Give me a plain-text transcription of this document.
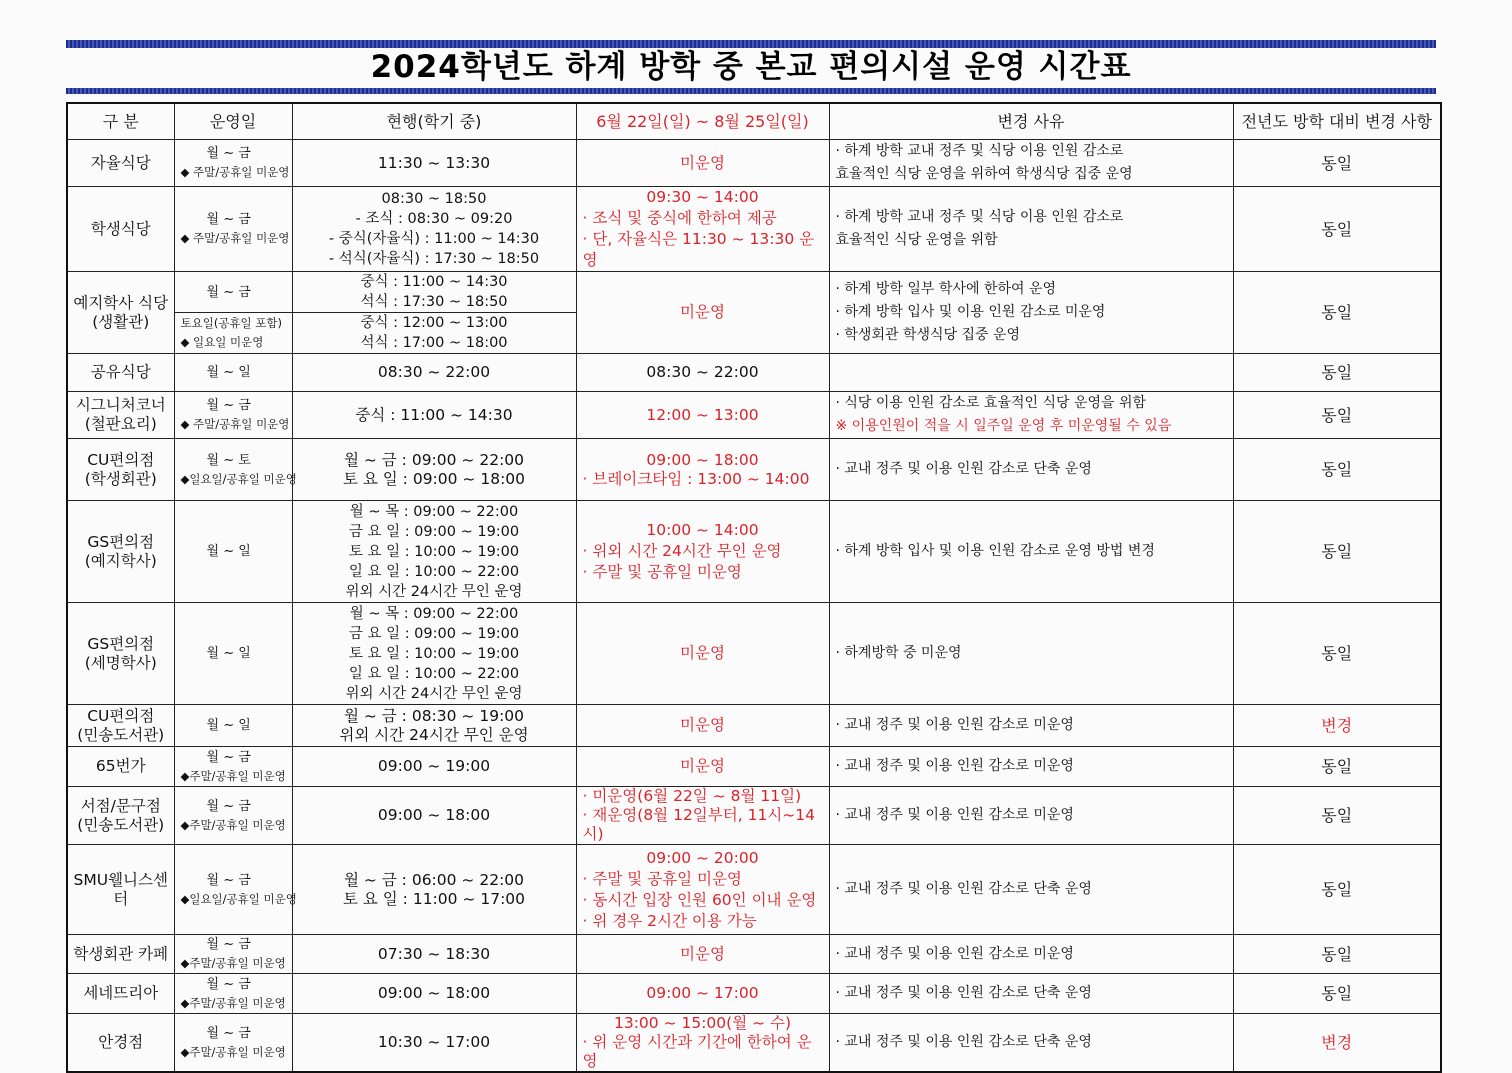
2024학년도 하계 방학 중 본교 편의시설 운영 시간표
구 분	운영일	현행(학기 중)	6월 22일(일) ~ 8월 25일(일)	변경 사유	전년도 방학 대비 변경 사항

자율식당	월 ~ 금
◆ 주말/공휴일 미운영	11:30 ~ 13:30	미운영	· 하계 방학 교내 정주 및 식당 이용 인원 감소로
효율적인 식당 운영을 위하여 학생식당 집중 운영	동일

학생식당	월 ~ 금
◆ 주말/공휴일 미운영	08:30 ~ 18:50
- 조식 : 08:30 ~ 09:20
- 중식(자율식) : 11:00 ~ 14:30
- 석식(자율식) : 17:30 ~ 18:50	09:30 ~ 14:00
· 조식 및 중식에 한하여 제공
· 단, 자율식은 11:30 ~ 13:30 운영	· 하계 방학 교내 정주 및 식당 이용 인원 감소로
효율적인 식당 운영을 위함	동일

예지학사 식당
(생활관)	월 ~ 금	중식 : 11:00 ~ 14:30
석식 : 17:30 ~ 18:50	미운영	· 하계 방학 일부 학사에 한하여 운영
· 하계 방학 입사 및 이용 인원 감소로 미운영
· 학생회관 학생식당 집중 운영	동일

	토요일(공휴일 포함)
◆ 일요일 미운영	중식 : 12:00 ~ 13:00
석식 : 17:00 ~ 18:00			

공유식당	월 ~ 일	08:30 ~ 22:00	08:30 ~ 22:00		동일

시그니처코너
(철판요리)	월 ~ 금
◆ 주말/공휴일 미운영	중식 : 11:00 ~ 14:30	12:00 ~ 13:00	· 식당 이용 인원 감소로 효율적인 식당 운영을 위함
※ 이용인원이 적을 시 일주일 운영 후 미운영될 수 있음	동일

CU편의점
(학생회관)	월 ~ 토
◆일요일/공휴일 미운영	월 ~ 금 : 09:00 ~ 22:00
토 요 일 : 09:00 ~ 18:00	09:00 ~ 18:00
· 브레이크타임 : 13:00 ~ 14:00	· 교내 정주 및 이용 인원 감소로 단축 운영	동일

GS편의점
(예지학사)	월 ~ 일	월 ~ 목 : 09:00 ~ 22:00
금 요 일 : 09:00 ~ 19:00
토 요 일 : 10:00 ~ 19:00
일 요 일 : 10:00 ~ 22:00
위외 시간 24시간 무인 운영	10:00 ~ 14:00
· 위외 시간 24시간 무인 운영
· 주말 및 공휴일 미운영	· 하계 방학 입사 및 이용 인원 감소로 운영 방법 변경	동일

GS편의점
(세명학사)	월 ~ 일	월 ~ 목 : 09:00 ~ 22:00
금 요 일 : 09:00 ~ 19:00
토 요 일 : 10:00 ~ 19:00
일 요 일 : 10:00 ~ 22:00
위외 시간 24시간 무인 운영	미운영	· 하계방학 중 미운영	동일

CU편의점
(민송도서관)	월 ~ 일	월 ~ 금 : 08:30 ~ 19:00
위외 시간 24시간 무인 운영	미운영	· 교내 정주 및 이용 인원 감소로 미운영	변경

65번가	월 ~ 금
◆주말/공휴일 미운영	09:00 ~ 19:00	미운영	· 교내 정주 및 이용 인원 감소로 미운영	동일

서점/문구점
(민송도서관)	월 ~ 금
◆주말/공휴일 미운영	09:00 ~ 18:00	· 미운영(6월 22일 ~ 8월 11일)
· 재운영(8월 12일부터, 11시~14시)	· 교내 정주 및 이용 인원 감소로 미운영	동일

SMU웰니스센터	월 ~ 금
◆일요일/공휴일 미운영	월 ~ 금 : 06:00 ~ 22:00
토 요 일 : 11:00 ~ 17:00	09:00 ~ 20:00
· 주말 및 공휴일 미운영
· 동시간 입장 인원 60인 이내 운영
· 위 경우 2시간 이용 가능	· 교내 정주 및 이용 인원 감소로 단축 운영	동일

학생회관 카페	월 ~ 금
◆주말/공휴일 미운영	07:30 ~ 18:30	미운영	· 교내 정주 및 이용 인원 감소로 미운영	동일

세네뜨리아	월 ~ 금
◆주말/공휴일 미운영	09:00 ~ 18:00	09:00 ~ 17:00	· 교내 정주 및 이용 인원 감소로 단축 운영	동일

안경점	월 ~ 금
◆주말/공휴일 미운영	10:30 ~ 17:00	13:00 ~ 15:00(월 ~ 수)
· 위 운영 시간과 기간에 한하여 운영	· 교내 정주 및 이용 인원 감소로 단축 운영	변경
